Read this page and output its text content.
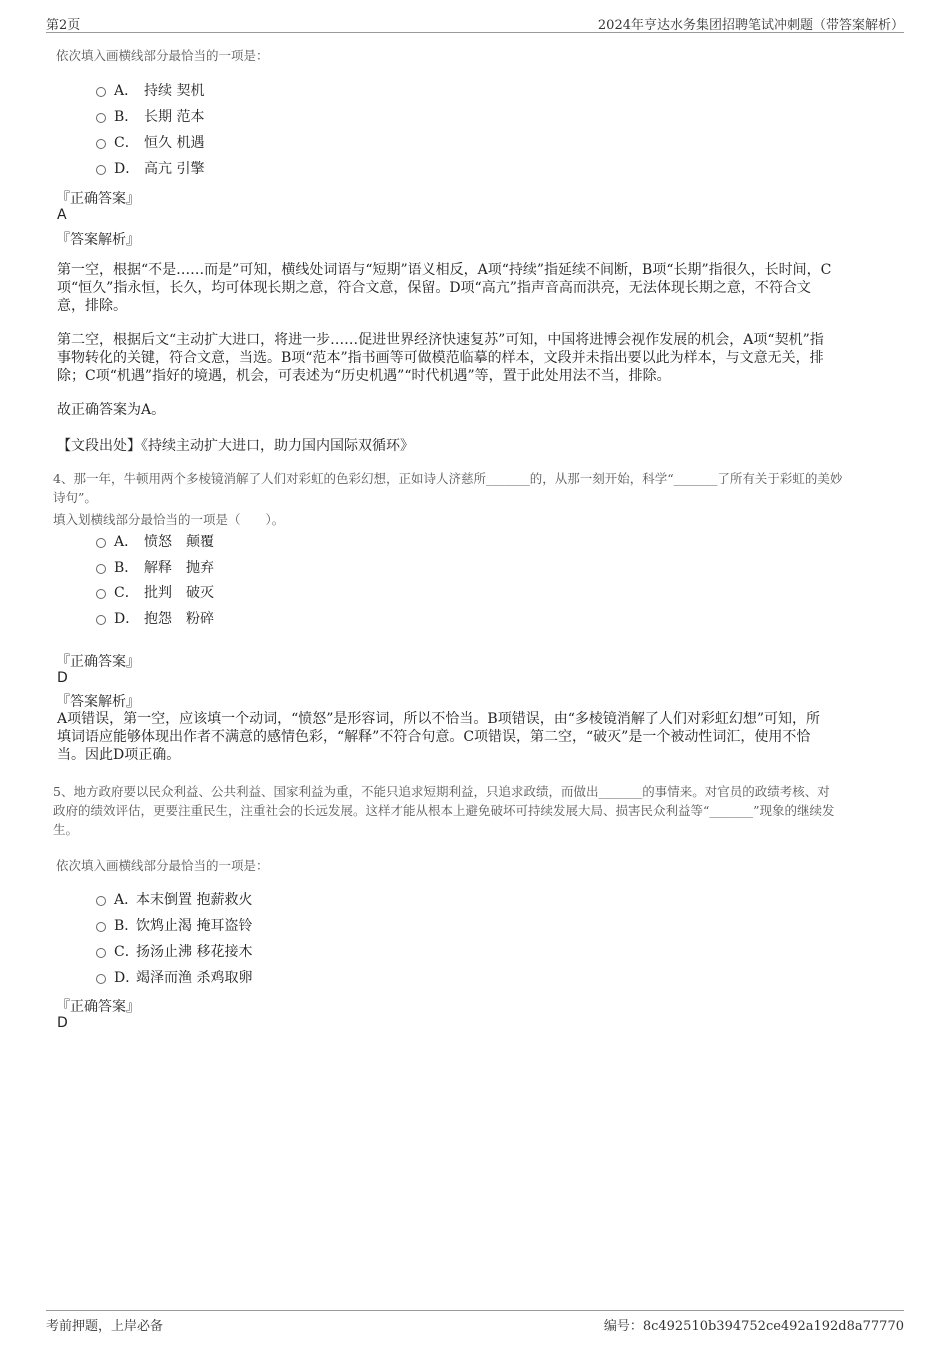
第2页	2024年亨达水务集团招聘笔试冲刺题（带答案解析）
依次填入画横线部分最恰当的一项是：
A． 持续 契机
B． 长期 范本
C． 恒久 机遇
D． 高亢 引擎
『正确答案』
A
『答案解析』
第一空，根据“不是……而是”可知，横线处词语与“短期”语义相反，A项“持续”指延续不间断，B项“长期”指很久，长时间，C
项“恒久”指永恒，长久，均可体现长期之意，符合文意，保留。D项“高亢”指声音高而洪亮，无法体现长期之意，不符合文
意，排除。
第二空，根据后文“主动扩大进口，将进一步……促进世界经济快速复苏”可知，中国将进博会视作发展的机会，A项“契机”指
事物转化的关键，符合文意，当选。B项“范本”指书画等可做模范临摹的样本，文段并未指出要以此为样本，与文意无关，排
除；C项“机遇”指好的境遇，机会，可表述为“历史机遇”“时代机遇”等，置于此处用法不当，排除。
故正确答案为A。
【文段出处】《持续主动扩大进口，助力国内国际双循环》
4、那一年，牛顿用两个多棱镜消解了人们对彩虹的色彩幻想，正如诗人济慈所_______的，从那一刻开始，科学“_______了所有关于彩虹的美妙
诗句”。
填入划横线部分最恰当的一项是（　　）。
A． 愤怒　颠覆
B． 解释　抛弃
C． 批判　破灭
D． 抱怨　粉碎
『正确答案』
D
『答案解析』
A项错误，第一空，应该填一个动词，“愤怒”是形容词，所以不恰当。B项错误，由“多棱镜消解了人们对彩虹幻想”可知，所
填词语应能够体现出作者不满意的感情色彩，“解释”不符合句意。C项错误，第二空，“破灭”是一个被动性词汇，使用不恰
当。因此D项正确。
5、地方政府要以民众利益、公共利益、国家利益为重，不能只追求短期利益，只追求政绩，而做出_______的事情来。对官员的政绩考核、对
政府的绩效评估，更要注重民生，注重社会的长远发展。这样才能从根本上避免破坏可持续发展大局、损害民众利益等“_______”现象的继续发
生。
依次填入画横线部分最恰当的一项是：
A．本末倒置 抱薪救火
B．饮鸩止渴 掩耳盗铃
C．扬汤止沸 移花接木
D．竭泽而渔 杀鸡取卵
『正确答案』
D
考前押题，上岸必备	编号：8c492510b394752ce492a192d8a77770
